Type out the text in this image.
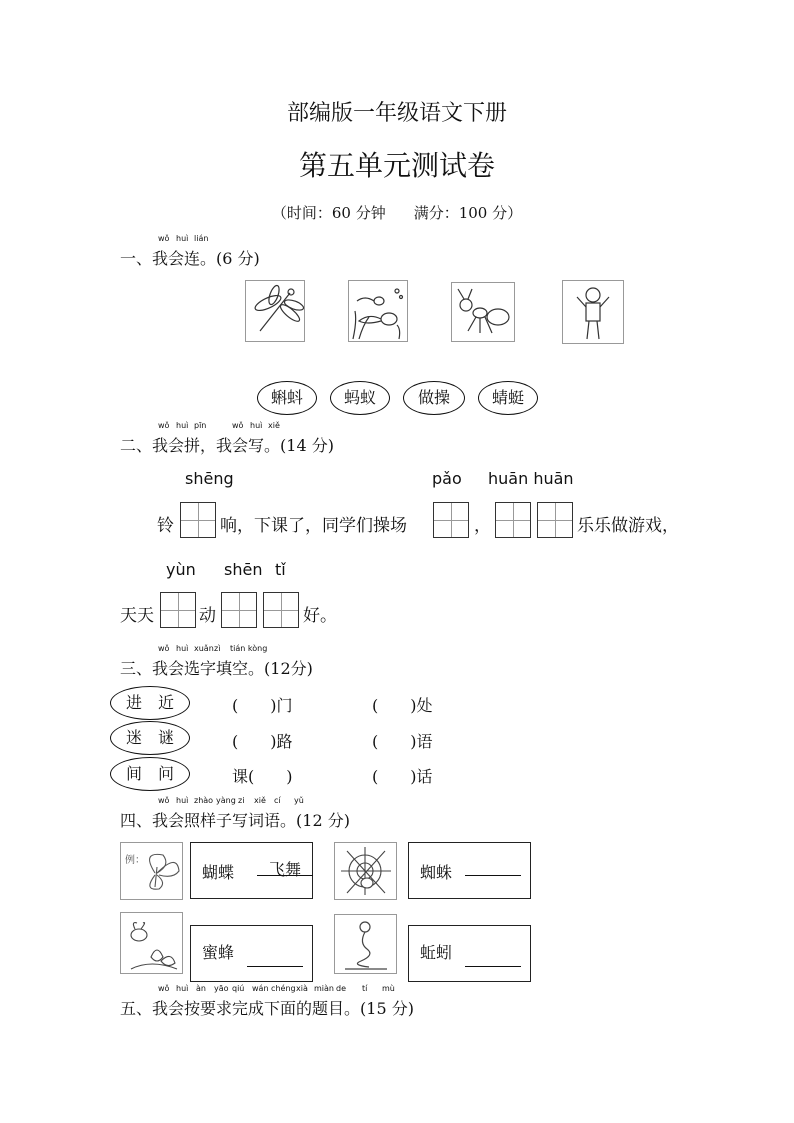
部编版一年级语文下册
第五单元测试卷
（时间：60 分钟 满分：100 分）
一、我会连。(6 分)
wǒ huì lián
蝌蚪	蚂蚁	做操	蜻蜓
二、我会拼，我会写。(14 分)
wǒ huì pīn	wǒ huì xiě
shēng	pǎo huān huān
铃	响，下课了，同学们操场	，	乐乐做游戏，
yùn shēn tǐ
天天	动	好。
三、我会选字填空。(12分)
wǒ huì xuǎn zì tián kòng
进　近	(　　)门	(　　)处
迷　谜	(　　)路	(　　)语
间　问	课(　　)	(　　)话
四、我会照样子写词语。(12 分)
wǒ huì zhào yàng zi xiě cí yǔ
例：
蝴蝶	飞舞	蜘蛛
蜜蜂	蚯蚓
五、我会按要求完成下面的题目。(15 分)
wǒ huì àn yāo qiú wán chéng xià miàn de tí mù
